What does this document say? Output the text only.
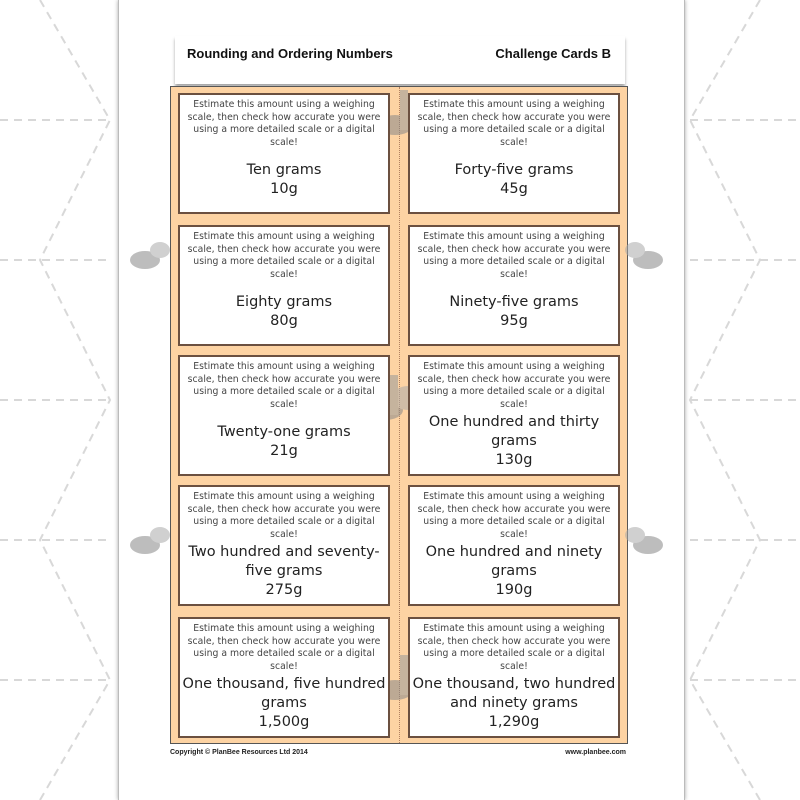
Rounding and Ordering Numbers	Challenge Cards B
Estimate this amount using a weighing scale, then check how accurate you were using a more detailed scale or a digital scale!
Ten grams
10g
Estimate this amount using a weighing scale, then check how accurate you were using a more detailed scale or a digital scale!
Forty-five grams
45g
Estimate this amount using a weighing scale, then check how accurate you were using a more detailed scale or a digital scale!
Eighty grams
80g
Estimate this amount using a weighing scale, then check how accurate you were using a more detailed scale or a digital scale!
Ninety-five grams
95g
Estimate this amount using a weighing scale, then check how accurate you were using a more detailed scale or a digital scale!
Twenty-one grams
21g
Estimate this amount using a weighing scale, then check how accurate you were using a more detailed scale or a digital scale!
One hundred and thirty grams
130g
Estimate this amount using a weighing scale, then check how accurate you were using a more detailed scale or a digital scale!
Two hundred and seventy-five grams
275g
Estimate this amount using a weighing scale, then check how accurate you were using a more detailed scale or a digital scale!
One hundred and ninety grams
190g
Estimate this amount using a weighing scale, then check how accurate you were using a more detailed scale or a digital scale!
One thousand, five hundred grams
1,500g
Estimate this amount using a weighing scale, then check how accurate you were using a more detailed scale or a digital scale!
One thousand, two hundred and ninety grams
1,290g
Copyright © PlanBee Resources Ltd 2014	www.planbee.com
